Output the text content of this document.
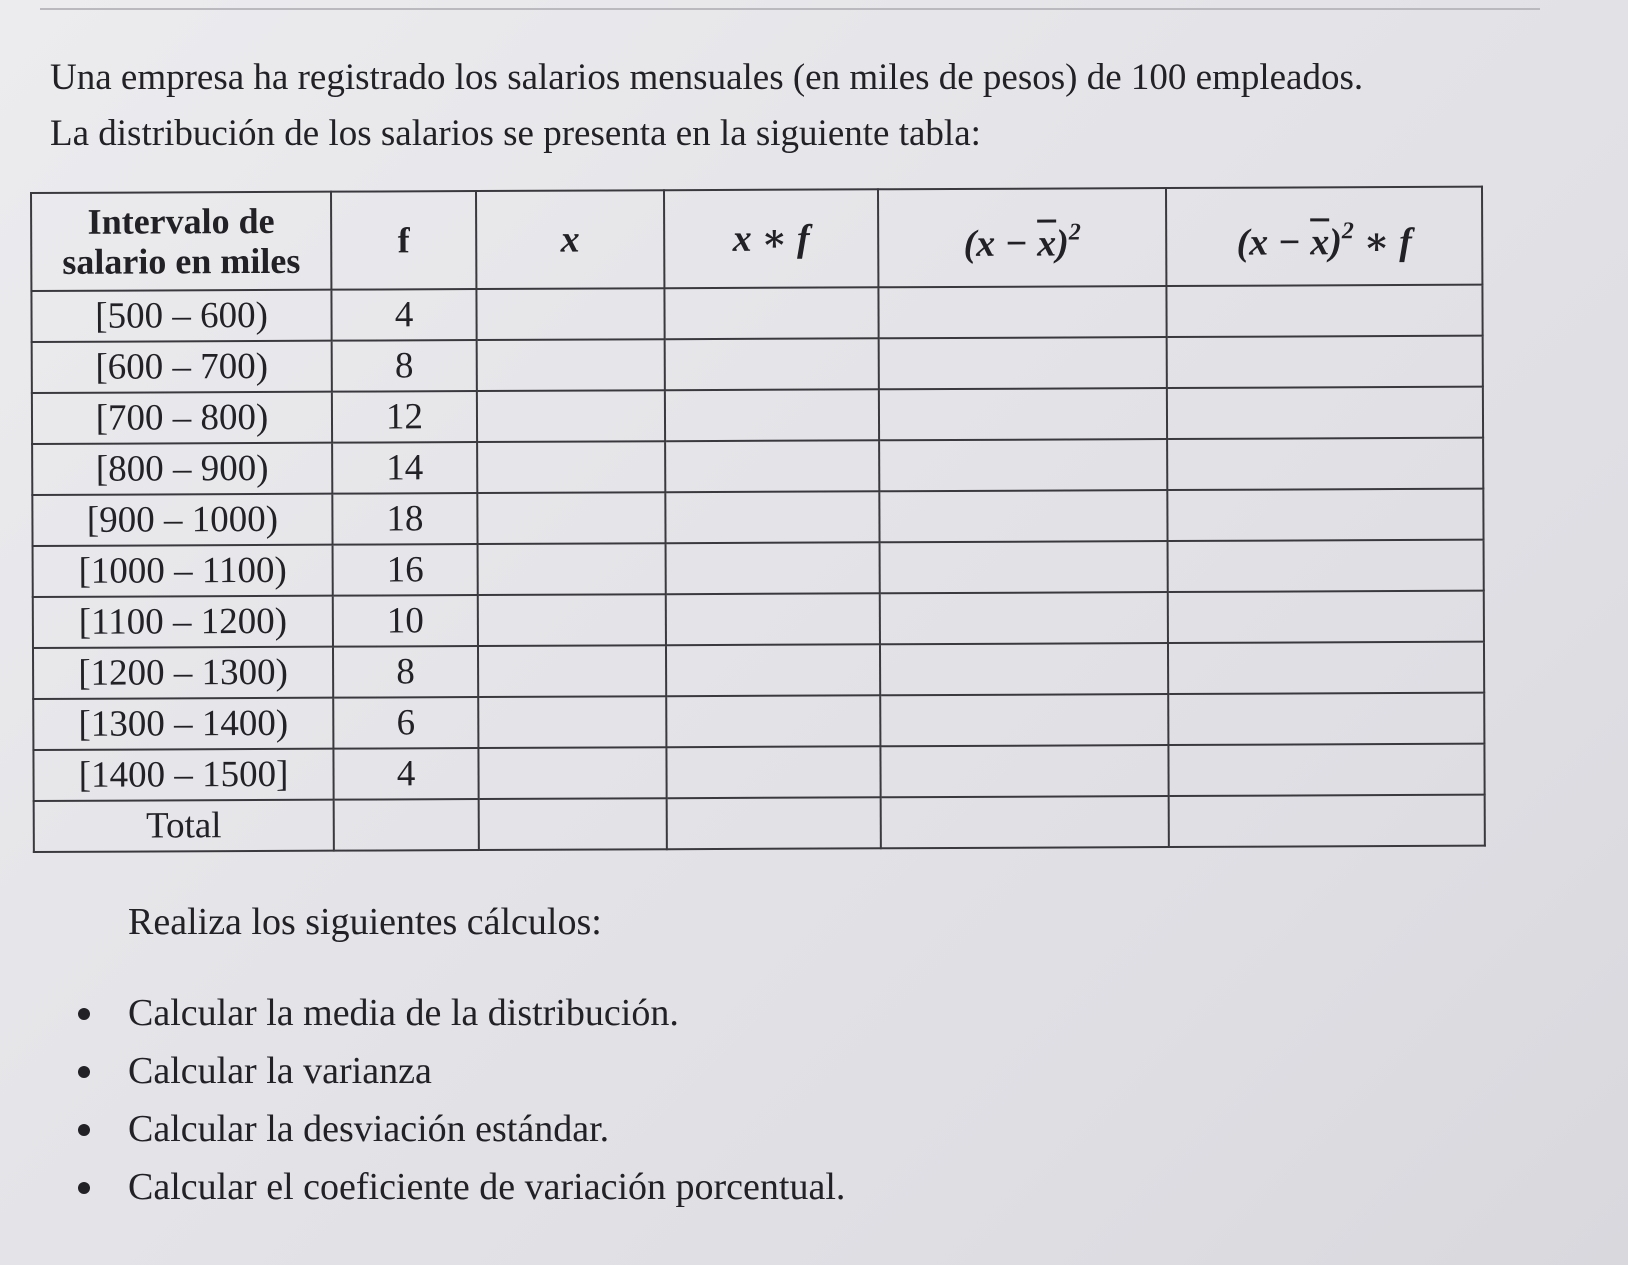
Una empresa ha registrado los salarios mensuales (en miles de pesos) de 100 empleados.

La distribución de los salarios se presenta en la siguiente tabla:

Intervalo de
salario en miles	f	x	x ∗ f	$(x - \overline{x})^2$	$(x - \overline{x})^2$ ∗ f
[500 – 600)	4				
[600 – 700)	8				
[700 – 800)	12				
[800 – 900)	14				
[900 – 1000)	18				
[1000 – 1100)	16				
[1100 – 1200)	10				
[1200 – 1300)	8				
[1300 – 1400)	6				
[1400 – 1500]	4				
Total					

Realiza los siguientes cálculos:

Calcular la media de la distribución.
Calcular la varianza
Calcular la desviación estándar.
Calcular el coeficiente de variación porcentual.
